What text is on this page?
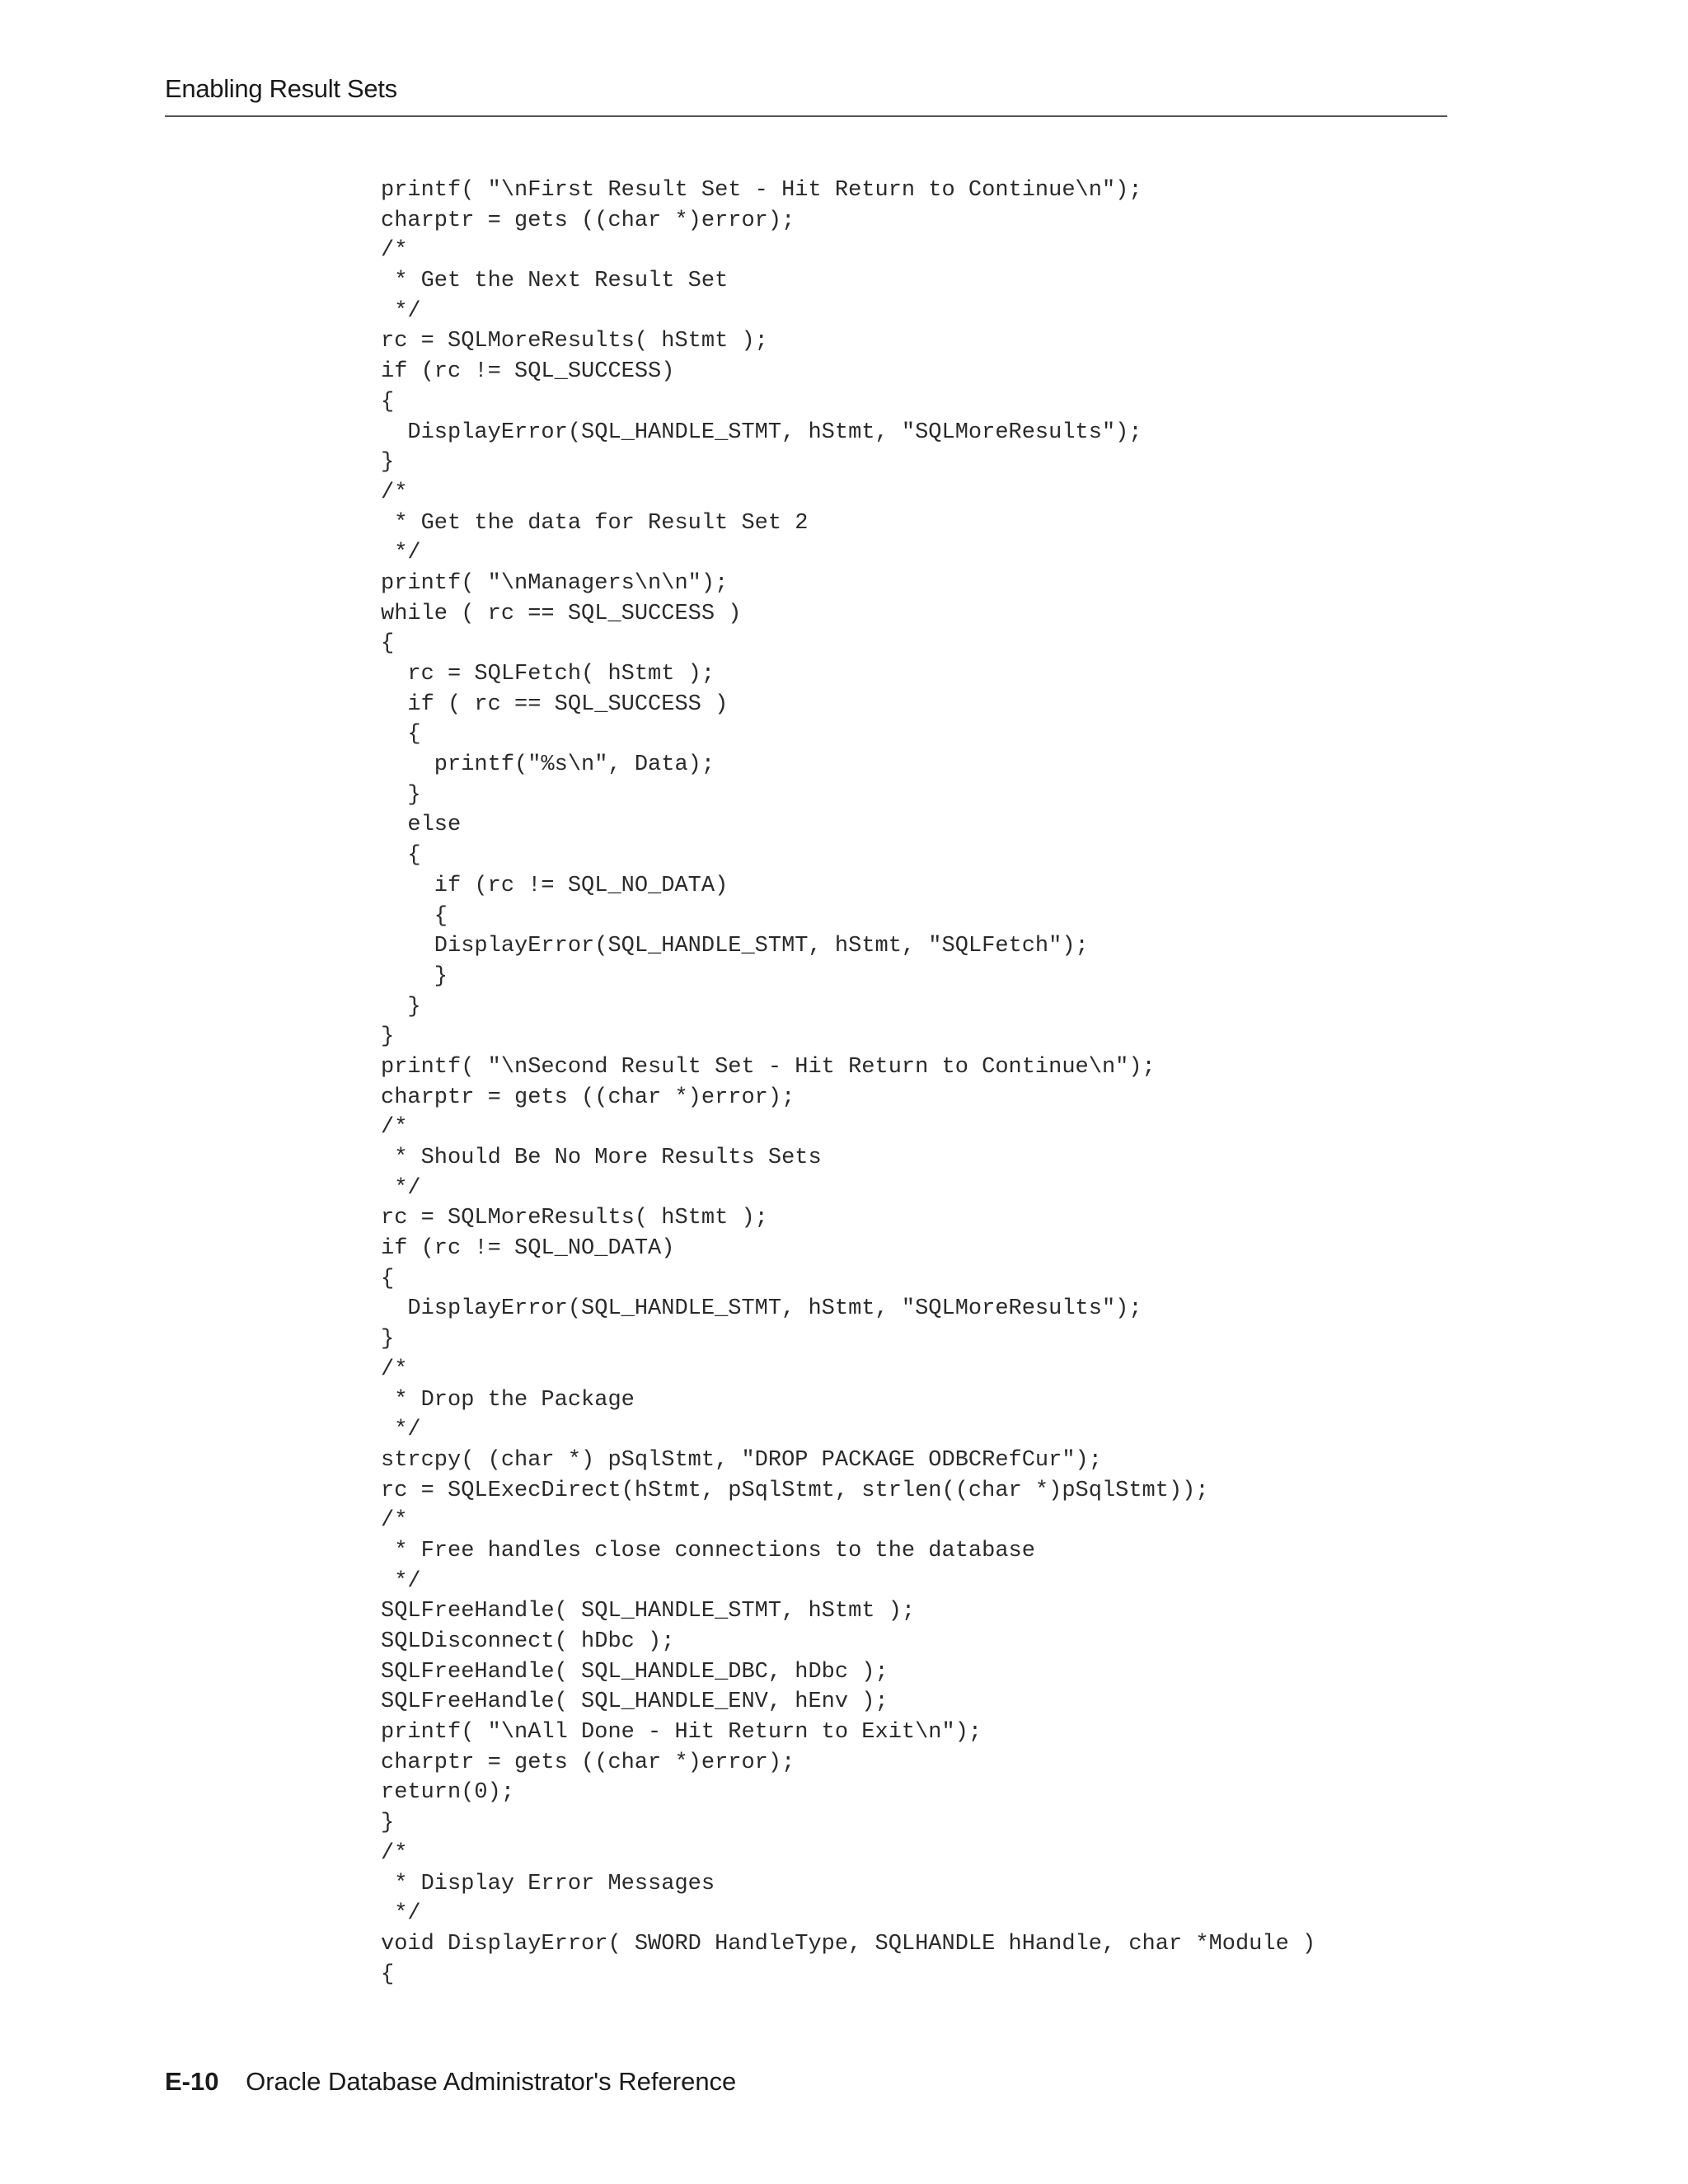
Enabling Result Sets
printf( "\nFirst Result Set - Hit Return to Continue\n");
charptr = gets ((char *)error);
/*
* Get the Next Result Set
*/
rc = SQLMoreResults( hStmt );
if (rc != SQL_SUCCESS)
{
DisplayError(SQL_HANDLE_STMT, hStmt, "SQLMoreResults");
}
/*
* Get the data for Result Set 2
*/
printf( "\nManagers\n\n");
while ( rc == SQL_SUCCESS )
{
rc = SQLFetch( hStmt );
if ( rc == SQL_SUCCESS )
{
printf("%s\n", Data);
}
else
{
if (rc != SQL_NO_DATA)
{
DisplayError(SQL_HANDLE_STMT, hStmt, "SQLFetch");
}
}
}
printf( "\nSecond Result Set - Hit Return to Continue\n");
charptr = gets ((char *)error);
/*
* Should Be No More Results Sets
*/
rc = SQLMoreResults( hStmt );
if (rc != SQL_NO_DATA)
{
DisplayError(SQL_HANDLE_STMT, hStmt, "SQLMoreResults");
}
/*
* Drop the Package
*/
strcpy( (char *) pSqlStmt, "DROP PACKAGE ODBCRefCur");
rc = SQLExecDirect(hStmt, pSqlStmt, strlen((char *)pSqlStmt));
/*
* Free handles close connections to the database
*/
SQLFreeHandle( SQL_HANDLE_STMT, hStmt );
SQLDisconnect( hDbc );
SQLFreeHandle( SQL_HANDLE_DBC, hDbc );
SQLFreeHandle( SQL_HANDLE_ENV, hEnv );
printf( "\nAll Done - Hit Return to Exit\n");
charptr = gets ((char *)error);
return(0);
}
/*
* Display Error Messages
*/
void DisplayError( SWORD HandleType, SQLHANDLE hHandle, char *Module )
{
E-10 Oracle Database Administrator's Reference
